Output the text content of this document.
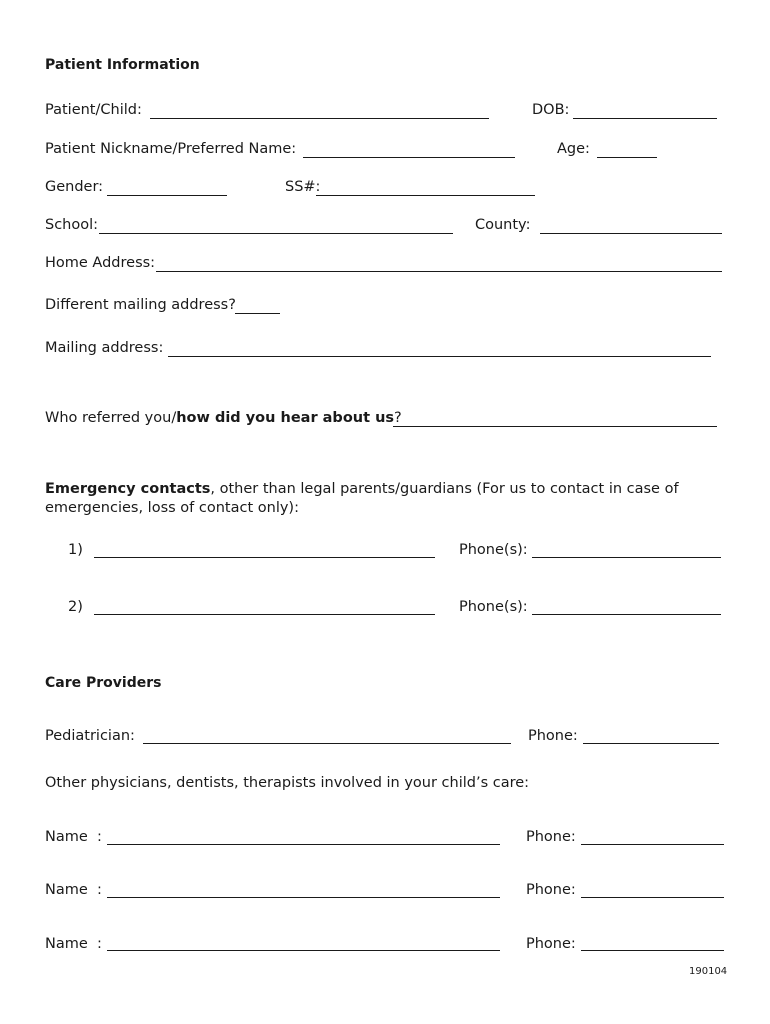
Patient Information
Patient/Child:	DOB:
Patient Nickname/Preferred Name:	Age:
Gender:	SS#:
School:	County:
Home Address:
Different mailing address?
Mailing address:
Who referred you/how did you hear about us?
Emergency contacts, other than legal parents/guardians (For us to contact in case of
emergencies, loss of contact only):
1)	Phone(s):
2)	Phone(s):
Care Providers
Pediatrician:	Phone:
Other physicians, dentists, therapists involved in your child’s care:
Name  :	Phone:
Name  :	Phone:
Name  :	Phone:
190104
